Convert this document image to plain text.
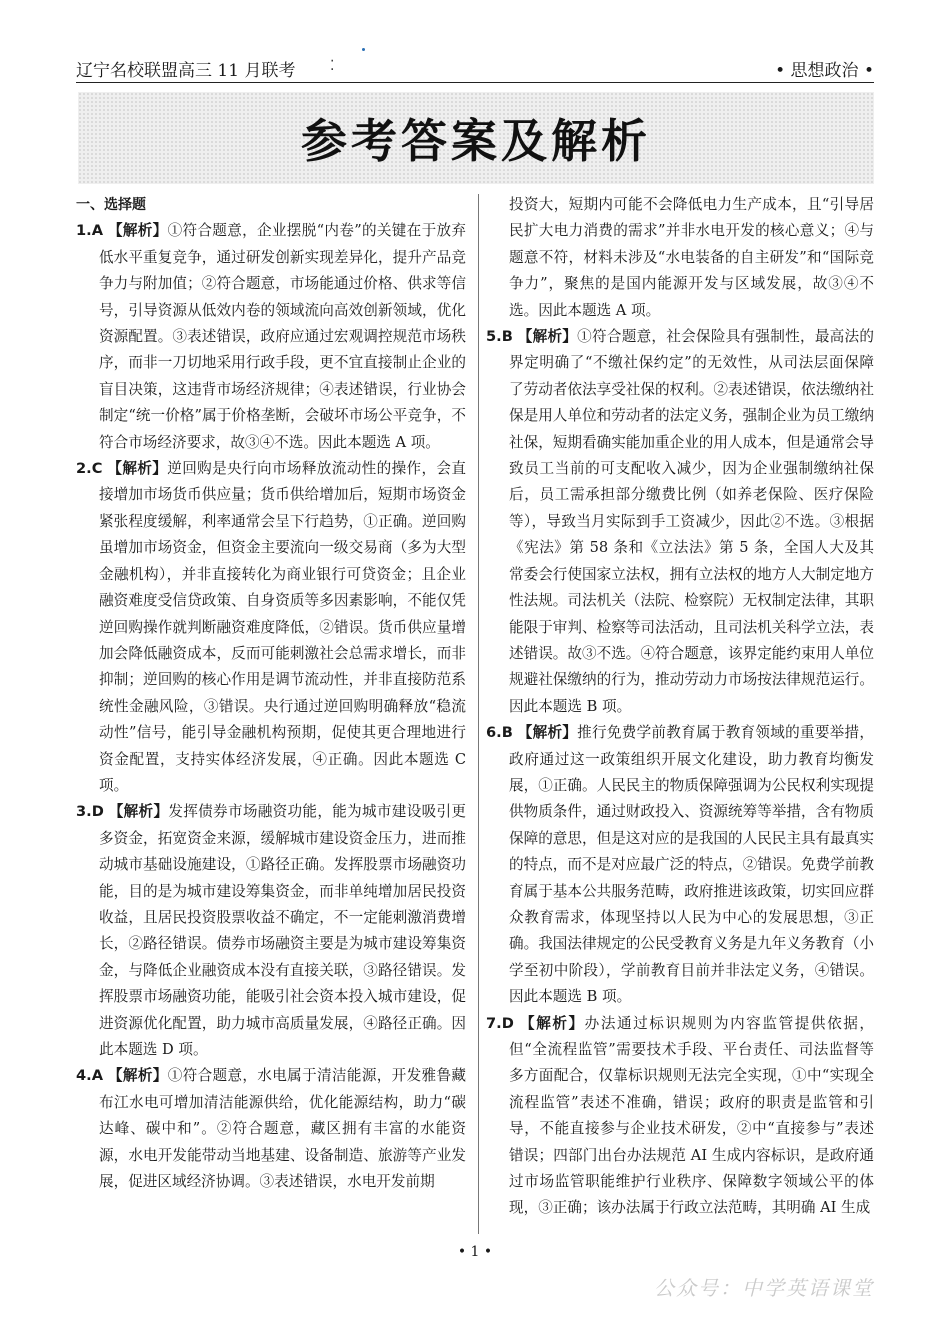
辽宁名校联盟高三 11 月联考 ⁚	• 思想政治 •
参考答案及解析
一、选择题

1.A 【解析】①符合题意，企业摆脱“内卷”的关键在于放弃低水平重复竞争，通过研发创新实现差异化，提升产品竞争力与附加值；②符合题意，市场能通过价格、供求等信号，引导资源从低效内卷的领域流向高效创新领域，优化资源配置。③表述错误，政府应通过宏观调控规范市场秩序，而非一刀切地采用行政手段，更不宜直接制止企业的盲目决策，这违背市场经济规律；④表述错误，行业协会制定“统一价格”属于价格垄断，会破坏市场公平竞争，不符合市场经济要求，故③④不选。因此本题选 A 项。

2.C 【解析】逆回购是央行向市场释放流动性的操作，会直接增加市场货币供应量；货币供给增加后，短期市场资金紧张程度缓解，利率通常会呈下行趋势，①正确。逆回购虽增加市场资金，但资金主要流向一级交易商（多为大型金融机构），并非直接转化为商业银行可贷资金；且企业融资难度受信贷政策、自身资质等多因素影响，不能仅凭逆回购操作就判断融资难度降低，②错误。货币供应量增加会降低融资成本，反而可能刺激社会总需求增长，而非抑制；逆回购的核心作用是调节流动性，并非直接防范系统性金融风险，③错误。央行通过逆回购明确释放“稳流动性”信号，能引导金融机构预期，促使其更合理地进行资金配置，支持实体经济发展，④正确。因此本题选 C 项。

3.D 【解析】发挥债券市场融资功能，能为城市建设吸引更多资金，拓宽资金来源，缓解城市建设资金压力，进而推动城市基础设施建设，①路径正确。发挥股票市场融资功能，目的是为城市建设筹集资金，而非单纯增加居民投资收益，且居民投资股票收益不确定，不一定能刺激消费增长，②路径错误。债券市场融资主要是为城市建设筹集资金，与降低企业融资成本没有直接关联，③路径错误。发挥股票市场融资功能，能吸引社会资本投入城市建设，促进资源优化配置，助力城市高质量发展，④路径正确。因此本题选 D 项。

4.A 【解析】①符合题意，水电属于清洁能源，开发雅鲁藏布江水电可增加清洁能源供给，优化能源结构，助力“碳达峰、碳中和”。②符合题意，藏区拥有丰富的水能资源，水电开发能带动当地基建、设备制造、旅游等产业发展，促进区域经济协调。③表述错误，水电开发前期

投资大，短期内可能不会降低电力生产成本，且“引导居民扩大电力消费的需求”并非水电开发的核心意义；④与题意不符，材料未涉及“水电装备的自主研发”和“国际竞争力”，聚焦的是国内能源开发与区域发展，故③④不选。因此本题选 A 项。

5.B 【解析】①符合题意，社会保险具有强制性，最高法的界定明确了“不缴社保约定”的无效性，从司法层面保障了劳动者依法享受社保的权利。②表述错误，依法缴纳社保是用人单位和劳动者的法定义务，强制企业为员工缴纳社保，短期看确实能加重企业的用人成本，但是通常会导致员工当前的可支配收入减少，因为企业强制缴纳社保后，员工需承担部分缴费比例（如养老保险、医疗保险等），导致当月实际到手工资减少，因此②不选。③根据《宪法》第 58 条和《立法法》第 5 条，全国人大及其常委会行使国家立法权，拥有立法权的地方人大制定地方性法规。司法机关（法院、检察院）无权制定法律，其职能限于审判、检察等司法活动，且司法机关科学立法，表述错误。故③不选。④符合题意，该界定能约束用人单位规避社保缴纳的行为，推动劳动力市场按法律规范运行。因此本题选 B 项。

6.B 【解析】推行免费学前教育属于教育领域的重要举措，政府通过这一政策组织开展文化建设，助力教育均衡发展，①正确。人民民主的物质保障强调为公民权利实现提供物质条件，通过财政投入、资源统筹等举措，含有物质保障的意思，但是这对应的是我国的人民民主具有最真实的特点，而不是对应最广泛的特点，②错误。免费学前教育属于基本公共服务范畴，政府推进该政策，切实回应群众教育需求，体现坚持以人民为中心的发展思想，③正确。我国法律规定的公民受教育义务是九年义务教育（小学至初中阶段），学前教育目前并非法定义务，④错误。因此本题选 B 项。

7.D 【解析】办法通过标识规则为内容监管提供依据，但“全流程监管”需要技术手段、平台责任、司法监督等多方面配合，仅靠标识规则无法完全实现，①中“实现全流程监管”表述不准确，错误；政府的职责是监管和引导，不能直接参与企业技术研发，②中“直接参与”表述错误；四部门出台办法规范 AI 生成内容标识，是政府通过市场监管职能维护行业秩序、保障数字领域公平的体现，③正确；该办法属于行政立法范畴，其明确 AI 生成

• 1 •
公众号：中学英语课堂
